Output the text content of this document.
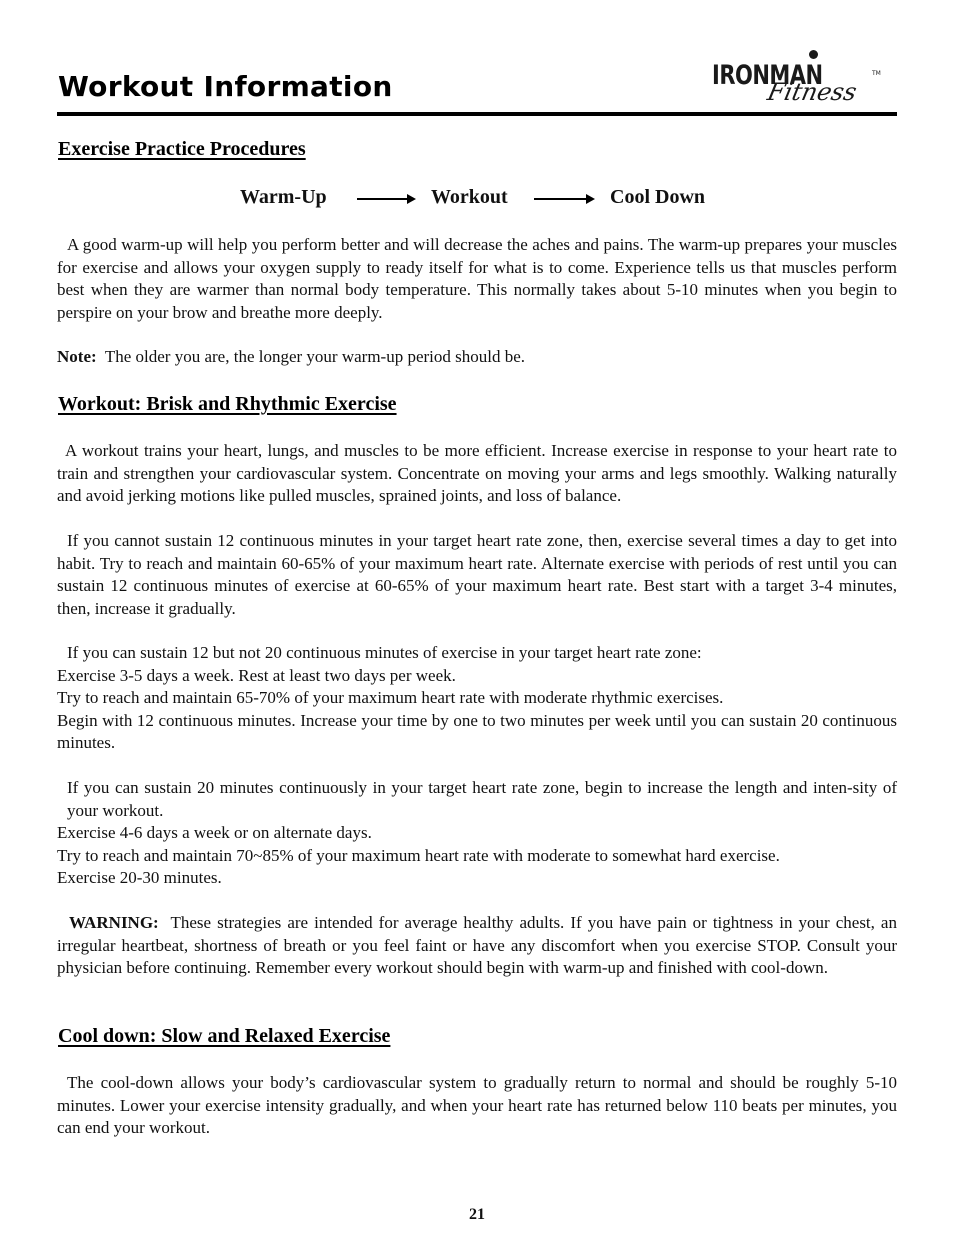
Workout Information	IRONMAN	TM
Fitness
Exercise Practice Procedures
Warm-Up	Workout	Cool Down

A good warm-up will help you perform better and will decrease the aches and pains. The warm-up prepares your muscles for exercise and allows your oxygen supply to ready itself for what is to come. Experience tells us that muscles perform best when they are warmer than normal body temperature. This normally takes about 5-10 minutes when you begin to perspire on your brow and breathe more deeply.

Note: The older you are, the longer your warm-up period should be.
Workout: Brisk and Rhythmic Exercise

A workout trains your heart, lungs, and muscles to be more efficient. Increase exercise in response to your heart rate to train and strengthen your cardiovascular system. Concentrate on moving your arms and legs smoothly. Walking naturally and avoid jerking motions like pulled muscles, sprained joints, and loss of balance.

If you cannot sustain 12 continuous minutes in your target heart rate zone, then, exercise several times a day to get into habit. Try to reach and maintain 60-65% of your maximum heart rate. Alternate exercise with periods of rest until you can sustain 12 continuous minutes of exercise at 60-65% of your maximum heart rate. Best start with a target 3-4 minutes, then, increase it gradually.

If you can sustain 12 but not 20 continuous minutes of exercise in your target heart rate zone:
Exercise 3-5 days a week. Rest at least two days per week.
Try to reach and maintain 65-70% of your maximum heart rate with moderate rhythmic exercises.
Begin with 12 continuous minutes. Increase your time by one to two minutes per week until you can sustain 20 continuous minutes.
If you can sustain 20 minutes continuously in your target heart rate zone, begin to increase the length and inten-sity of your workout.
Exercise 4-6 days a week or on alternate days.
Try to reach and maintain 70~85% of your maximum heart rate with moderate to somewhat hard exercise.
Exercise 20-30 minutes.

WARNING: These strategies are intended for average healthy adults. If you have pain or tightness in your chest, an irregular heartbeat, shortness of breath or you feel faint or have any discomfort when you exercise STOP. Consult your physician before continuing. Remember every workout should begin with warm-up and finished with cool-down.

Cool down: Slow and Relaxed Exercise

The cool-down allows your body’s cardiovascular system to gradually return to normal and should be roughly 5-10 minutes. Lower your exercise intensity gradually, and when your heart rate has returned below 110 beats per minutes, you can end your workout.

21
